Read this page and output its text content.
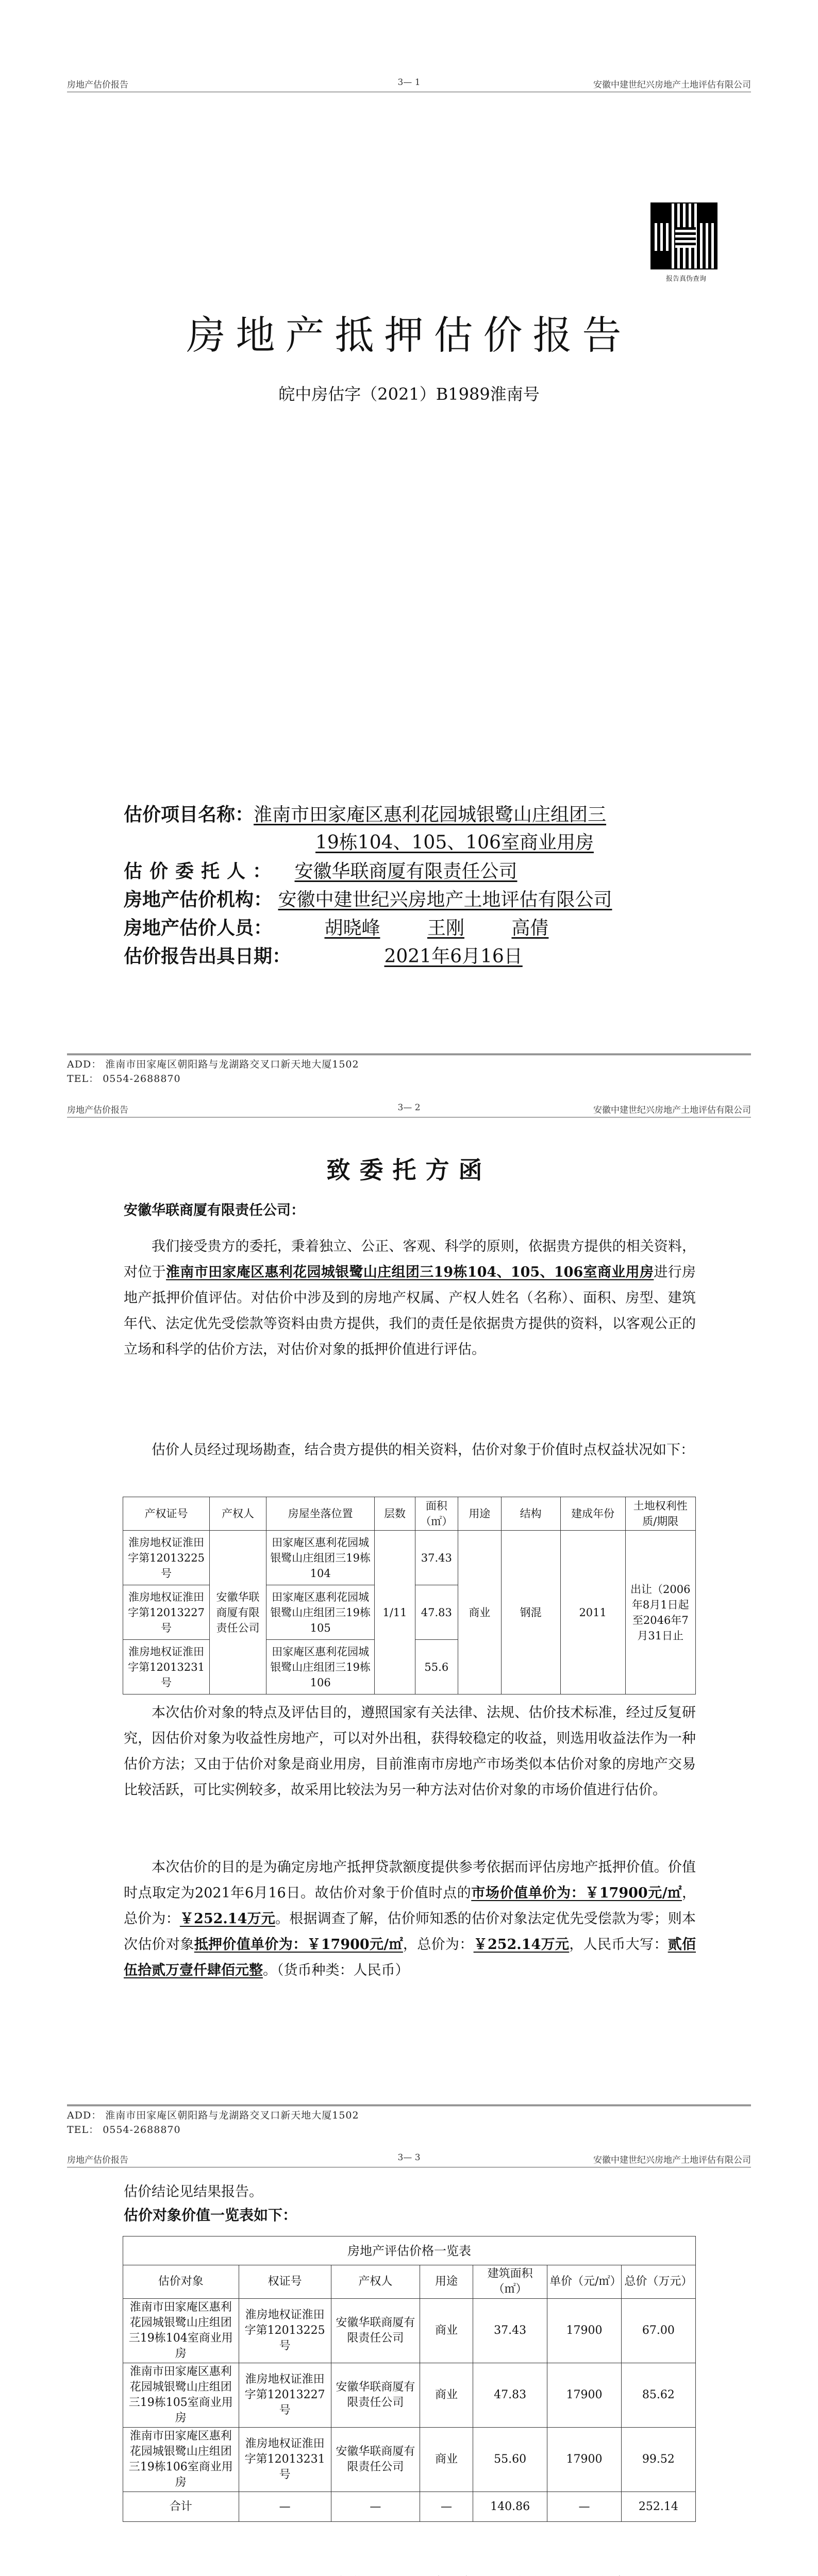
房地产估价报告	3— 1	安徽中建世纪兴房地产土地评估有限公司
报告真伪查询
房地产抵押估价报告
皖中房估字（2021）B1989淮南号
估价项目名称：淮南市田家庵区惠利花园城银鹭山庄组团三
19栋104、105、106室商业用房
估价委托人： 安徽华联商厦有限责任公司
房地产估价机构： 安徽中建世纪兴房地产土地评估有限公司
房地产估价人员：	胡晓峰	王刚	高倩
估价报告出具日期：	2021年6月16日
ADD： 淮南市田家庵区朝阳路与龙湖路交叉口新天地大厦1502
TEL： 0554-2688870
房地产估价报告	3— 2	安徽中建世纪兴房地产土地评估有限公司
致委托方函
安徽华联商厦有限责任公司：
我们接受贵方的委托，秉着独立、公正、客观、科学的原则，依据贵方提供的相关资料，对位于淮南市田家庵区惠利花园城银鹭山庄组团三19栋104、105、106室商业用房进行房地产抵押价值评估。对估价中涉及到的房地产权属、产权人姓名（名称）、面积、房型、建筑年代、法定优先受偿款等资料由贵方提供，我们的责任是依据贵方提供的资料，以客观公正的立场和科学的估价方法，对估价对象的抵押价值进行评估。
估价人员经过现场勘查，结合贵方提供的相关资料，估价对象于价值时点权益状况如下：
产权证号	产权人	房屋坐落位置	层数	面积（㎡）	用途	结构	建成年份	土地权利性质/期限
淮房地权证淮田字第12013225号	安徽华联商厦有限责任公司	田家庵区惠利花园城银鹭山庄组团三19栋104	1/11	37.43	商业	钢混	2011	出让（2006年8月1日起至2046年7月31日止
淮房地权证淮田字第12013227号		田家庵区惠利花园城银鹭山庄组团三19栋105		47.83				
淮房地权证淮田字第12013231号		田家庵区惠利花园城银鹭山庄组团三19栋106		55.6				
本次估价对象的特点及评估目的，遵照国家有关法律、法规、估价技术标准，经过反复研究，因估价对象为收益性房地产，可以对外出租，获得较稳定的收益，则选用收益法作为一种估价方法；又由于估价对象是商业用房，目前淮南市房地产市场类似本估价对象的房地产交易比较活跃，可比实例较多，故采用比较法为另一种方法对估价对象的市场价值进行估价。
本次估价的目的是为确定房地产抵押贷款额度提供参考依据而评估房地产抵押价值。价值时点取定为2021年6月16日。故估价对象于价值时点的市场价值单价为：￥17900元/㎡，总价为：￥252.14万元。根据调查了解，估价师知悉的估价对象法定优先受偿款为零；则本次估价对象抵押价值单价为：￥17900元/㎡，总价为：￥252.14万元，人民币大写：贰佰伍拾贰万壹仟肆佰元整。（货币种类：人民币）
ADD： 淮南市田家庵区朝阳路与龙湖路交叉口新天地大厦1502
TEL： 0554-2688870
房地产估价报告	3— 3	安徽中建世纪兴房地产土地评估有限公司
估价结论见结果报告。
估价对象价值一览表如下：
房地产评估价格一览表						
估价对象	权证号	产权人	用途	建筑面积（㎡）	单价（元/㎡）	总价（万元）
淮南市田家庵区惠利花园城银鹭山庄组团三19栋104室商业用房	淮房地权证淮田字第12013225号	安徽华联商厦有限责任公司	商业	37.43	17900	67.00
淮南市田家庵区惠利花园城银鹭山庄组团三19栋105室商业用房	淮房地权证淮田字第12013227号	安徽华联商厦有限责任公司	商业	47.83	17900	85.62
淮南市田家庵区惠利花园城银鹭山庄组团三19栋106室商业用房	淮房地权证淮田字第12013231号	安徽华联商厦有限责任公司	商业	55.60	17900	99.52
合计	—	—	—	140.86	—	252.14
